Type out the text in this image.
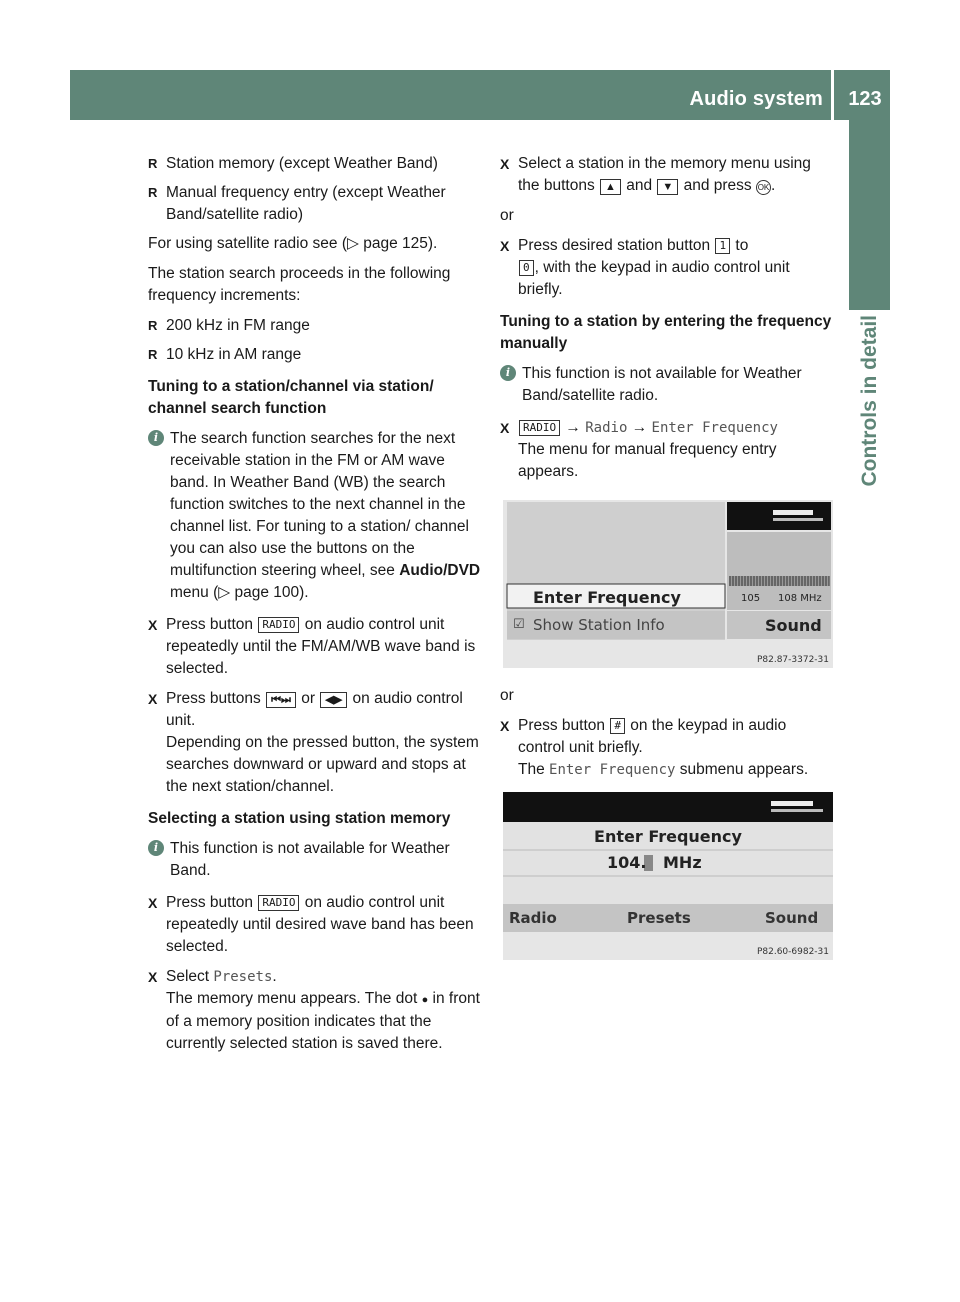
Audio system	123
Controls in detail
R Station memory (except Weather Band)
R Manual frequency entry (except Weather Band/satellite radio)

For using satellite radio see (▷ page 125).

The station search proceeds in the following frequency increments:

R 200 kHz in FM range
R 10 kHz in AM range
Tuning to a station/channel via station/ channel search function
i The search function searches for the next receivable station in the FM or AM wave band. In Weather Band (WB) the search function switches to the next channel in the channel list. For tuning to a station/ channel you can also use the buttons on the multifunction steering wheel, see Audio/DVD menu (▷ page 100).
X Press button RADIO on audio control unit repeatedly until the FM/AM/WB wave band is selected.
X Press buttons ⏮⏭ or ◀▶ on audio control unit.
Depending on the pressed button, the system searches downward or upward and stops at the next station/channel.
Selecting a station using station memory
i This function is not available for Weather Band.
X Press button RADIO on audio control unit repeatedly until desired wave band has been selected.
X Select Presets.
The memory menu appears. The dot ● in front of a memory position indicates that the currently selected station is saved there.
X Select a station in the memory menu using the buttons ▲ and ▼ and press OK .
or
X Press desired station button 1 to
0 , with the keypad in audio control unit briefly.
Tuning to a station by entering the frequency manually
i This function is not available for Weather Band/satellite radio.
X RADIO → Radio → Enter Frequency
The menu for manual frequency entry appears.
Enter Frequency
☑ Show Station Info
105 108 MHz
Sound
P82.87-3372-31
or
X Press button # on the keypad in audio control unit briefly.
The Enter Frequency submenu appears.
Enter Frequency
104. MHz
Radio	Presets	Sound
P82.60-6982-31
